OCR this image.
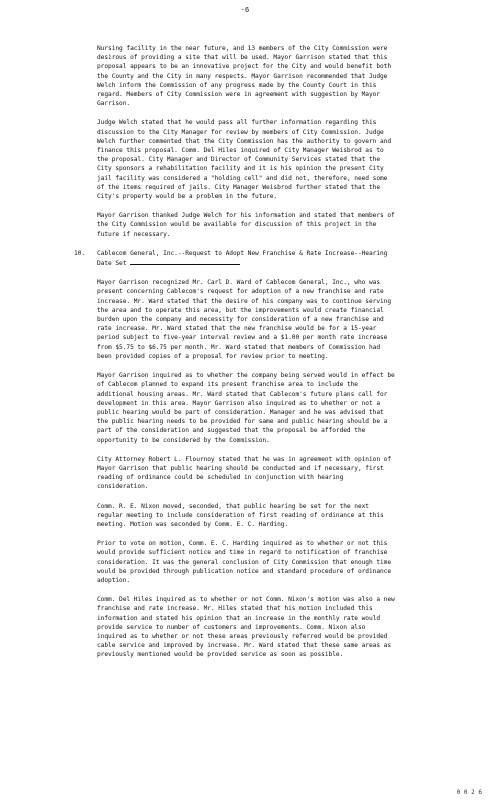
-6

Nursing facility in the near future, and 13 members of the City Commission were desirous of providing a site that will be used. Mayor Garrison stated that this proposal appears to be an innovative project for the City and would benefit both the County and the City in many respects. Mayor Garrison recommended that Judge Welch inform the Commission of any progress made by the County Court in this regard. Members of City Commission were in agreement with suggestion by Mayor Garrison.

Judge Welch stated that he would pass all further information regarding this discussion to the City Manager for review by members of City Commission. Judge Welch further commented that the City Commission has the authority to govern and finance this proposal. Comm. Del Hiles inquired of City Manager Weisbrod as to the proposal. City Manager and Director of Community Services stated that the City sponsors a rehabilitation facility and it is his opinion the present City jail facility was considered a "holding cell" and did not, therefore, need some of the items required of jails. City Manager Weisbrod further stated that the City's property would be a problem in the future.

Mayor Garrison thanked Judge Welch for his information and stated that members of the City Commission would be available for discussion of this project in the future if necessary.

10. Cablecom General, Inc.--Request to Adopt New Franchise & Rate Increase--Hearing Date Set

Mayor Garrison recognized Mr. Carl D. Ward of Cablecom General, Inc., who was present concerning Cablecom's request for adoption of a new franchise and rate increase. Mr. Ward stated that the desire of his company was to continue serving the area and to operate this area, but the improvements would create financial burden upon the company and necessity for consideration of a new franchise and rate increase. Mr. Ward stated that the new franchise would be for a 15-year period subject to five-year interval review and a $1.00 per month rate increase from $5.75 to $6.75 per month. Mr. Ward stated that members of Commission had been provided copies of a proposal for review prior to meeting.

Mayor Garrison inquired as to whether the company being served would in effect be of Cablecom planned to expand its present franchise area to include the additional housing areas. Mr. Ward stated that Cablecom's future plans call for development in this area. Mayor Garrison also inquired as to whether or not a public hearing would be part of consideration. Manager and he was advised that the public hearing needs to be provided for same and public hearing should be a part of the consideration and suggested that the proposal be afforded the opportunity to be considered by the Commission.

City Attorney Robert L. Flournoy stated that he was in agreement with opinion of Mayor Garrison that public hearing should be conducted and if necessary, first reading of ordinance could be scheduled in conjunction with hearing consideration.

Comm. R. E. Nixon moved, seconded, that public hearing be set for the next regular meeting to include consideration of first reading of ordinance at this meeting. Motion was seconded by Comm. E. C. Harding.

Prior to vote on motion, Comm. E. C. Harding inquired as to whether or not this would provide sufficient notice and time in regard to notification of franchise consideration. It was the general conclusion of City Commission that enough time would be provided through publication notice and standard procedure of ordinance adoption.

Comm. Del Hiles inquired as to whether or not Comm. Nixon's motion was also a new franchise and rate increase. Mr. Hiles stated that his motion included this information and stated his opinion that an increase in the monthly rate would provide service to number of customers and improvements. Comm. Nixon also inquired as to whether or not these areas previously referred would be provided cable service and improved by increase. Mr. Ward stated that these same areas as previously mentioned would be provided service as soon as possible.

0 0 2 6
